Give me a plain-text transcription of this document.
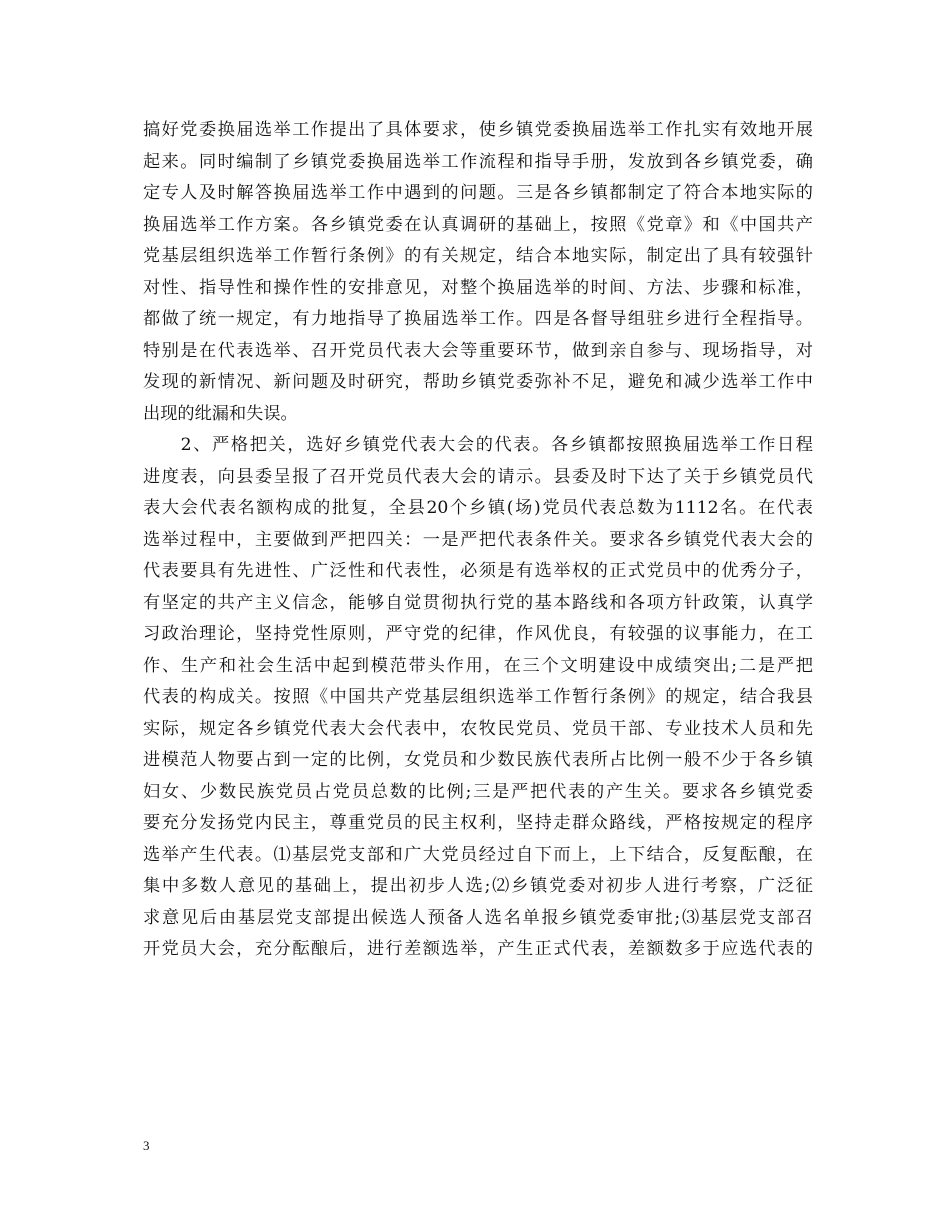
搞好党委换届选举工作提出了具体要求，使乡镇党委换届选举工作扎实有效地开展
起来。同时编制了乡镇党委换届选举工作流程和指导手册，发放到各乡镇党委，确
定专人及时解答换届选举工作中遇到的问题。三是各乡镇都制定了符合本地实际的
换届选举工作方案。各乡镇党委在认真调研的基础上，按照《党章》和《中国共产
党基层组织选举工作暂行条例》的有关规定，结合本地实际，制定出了具有较强针
对性、指导性和操作性的安排意见，对整个换届选举的时间、方法、步骤和标准，
都做了统一规定，有力地指导了换届选举工作。四是各督导组驻乡进行全程指导。
特别是在代表选举、召开党员代表大会等重要环节，做到亲自参与、现场指导，对
发现的新情况、新问题及时研究，帮助乡镇党委弥补不足，避免和减少选举工作中
出现的纰漏和失误。
　　2、严格把关，选好乡镇党代表大会的代表。各乡镇都按照换届选举工作日程
进度表，向县委呈报了召开党员代表大会的请示。县委及时下达了关于乡镇党员代
表大会代表名额构成的批复，全县20个乡镇(场)党员代表总数为1112名。在代表
选举过程中，主要做到严把四关：一是严把代表条件关。要求各乡镇党代表大会的
代表要具有先进性、广泛性和代表性，必须是有选举权的正式党员中的优秀分子，
有坚定的共产主义信念，能够自觉贯彻执行党的基本路线和各项方针政策，认真学
习政治理论，坚持党性原则，严守党的纪律，作风优良，有较强的议事能力，在工
作、生产和社会生活中起到模范带头作用，在三个文明建设中成绩突出;二是严把
代表的构成关。按照《中国共产党基层组织选举工作暂行条例》的规定，结合我县
实际，规定各乡镇党代表大会代表中，农牧民党员、党员干部、专业技术人员和先
进模范人物要占到一定的比例，女党员和少数民族代表所占比例一般不少于各乡镇
妇女、少数民族党员占党员总数的比例;三是严把代表的产生关。要求各乡镇党委
要充分发扬党内民主，尊重党员的民主权利，坚持走群众路线，严格按规定的程序
选举产生代表。⑴基层党支部和广大党员经过自下而上，上下结合，反复酝酿，在
集中多数人意见的基础上，提出初步人选;⑵乡镇党委对初步人进行考察，广泛征
求意见后由基层党支部提出候选人预备人选名单报乡镇党委审批;⑶基层党支部召
开党员大会，充分酝酿后，进行差额选举，产生正式代表，差额数多于应选代表的
3
